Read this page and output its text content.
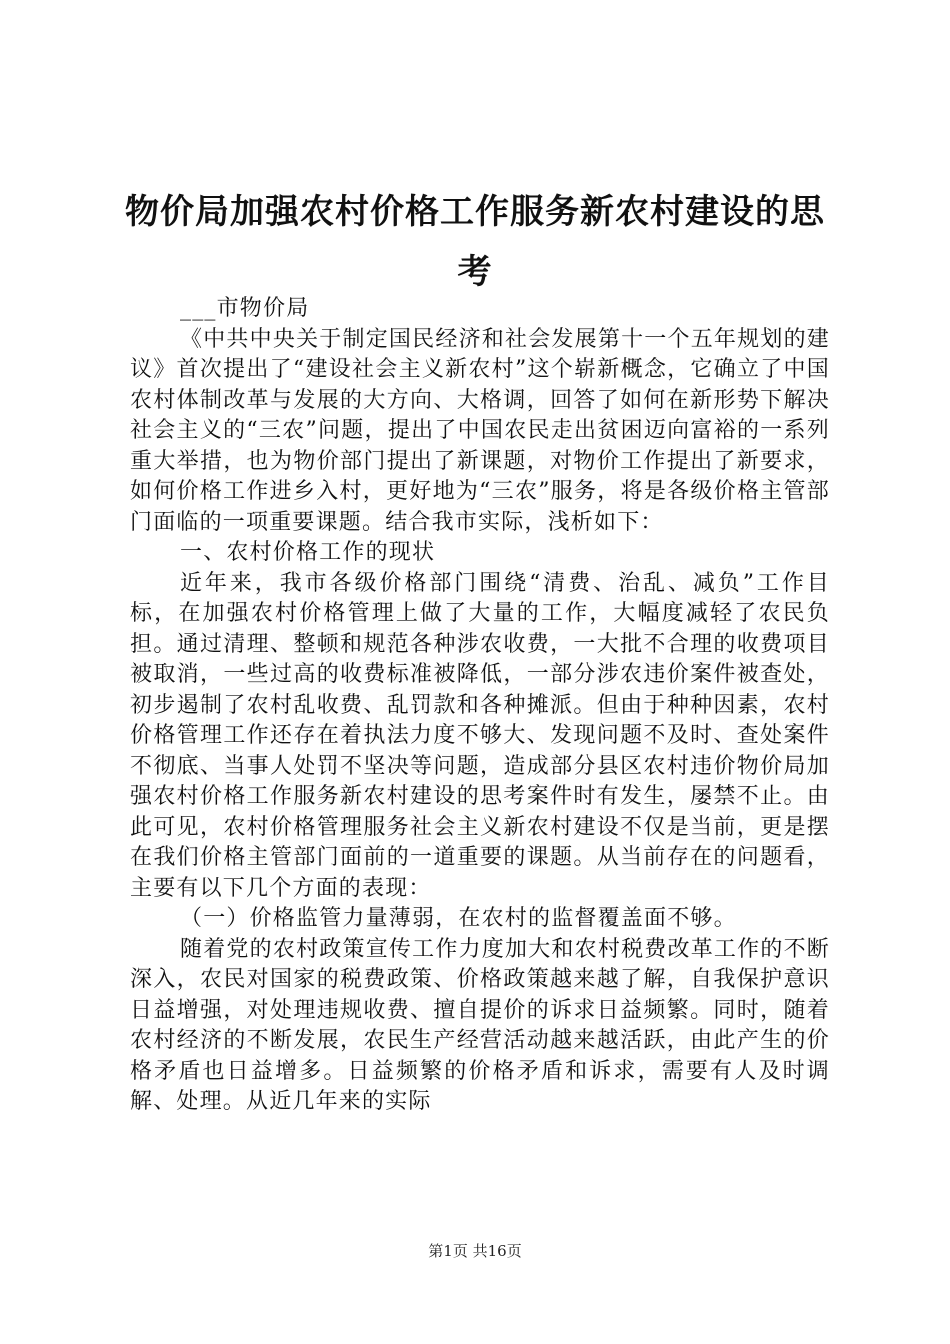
物价局加强农村价格工作服务新农村建设的思考

___市物价局

《中共中央关于制定国民经济和社会发展第十一个五年规划的建议》首次提出了“建设社会主义新农村”这个崭新概念，它确立了中国农村体制改革与发展的大方向、大格调，回答了如何在新形势下解决社会主义的“三农”问题，提出了中国农民走出贫困迈向富裕的一系列重大举措，也为物价部门提出了新课题，对物价工作提出了新要求，如何价格工作进乡入村，更好地为“三农”服务，将是各级价格主管部门面临的一项重要课题。结合我市实际，浅析如下：

一、农村价格工作的现状

近年来，我市各级价格部门围绕“清费、治乱、减负”工作目标，在加强农村价格管理上做了大量的工作，大幅度减轻了农民负担。通过清理、整顿和规范各种涉农收费，一大批不合理的收费项目被取消，一些过高的收费标准被降低，一部分涉农违价案件被查处，初步遏制了农村乱收费、乱罚款和各种摊派。但由于种种因素，农村价格管理工作还存在着执法力度不够大、发现问题不及时、查处案件不彻底、当事人处罚不坚决等问题，造成部分县区农村违价物价局加强农村价格工作服务新农村建设的思考案件时有发生，屡禁不止。由此可见，农村价格管理服务社会主义新农村建设不仅是当前，更是摆在我们价格主管部门面前的一道重要的课题。从当前存在的问题看，主要有以下几个方面的表现：

（一）价格监管力量薄弱，在农村的监督覆盖面不够。

随着党的农村政策宣传工作力度加大和农村税费改革工作的不断深入，农民对国家的税费政策、价格政策越来越了解，自我保护意识日益增强，对处理违规收费、擅自提价的诉求日益频繁。同时，随着农村经济的不断发展，农民生产经营活动越来越活跃，由此产生的价格矛盾也日益增多。日益频繁的价格矛盾和诉求，需要有人及时调解、处理。从近几年来的实际

第1页 共16页
